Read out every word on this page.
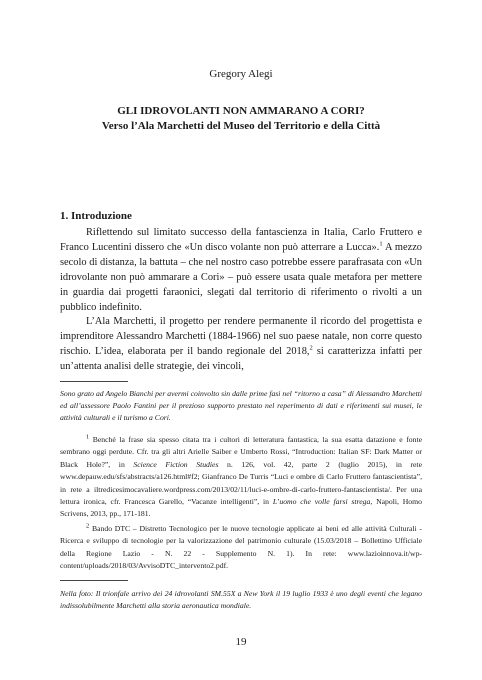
Gregory Alegi
GLI IDROVOLANTI NON AMMARANO A CORI?
Verso l’Ala Marchetti del Museo del Territorio e della Città
1. Introduzione

Riflettendo sul limitato successo della fantascienza in Italia, Carlo Fruttero e Franco Lucentini dissero che «Un disco volante non può atterrare a Lucca».$^1$ A mezzo secolo di distanza, la battuta – che nel nostro caso potrebbe essere parafrasata con «Un idrovolante non può ammarare a Cori» – può essere usata quale metafora per mettere in guardia dai progetti faraonici, slegati dal territorio di riferimento o rivolti a un pubblico indefinito.

L’Ala Marchetti, il progetto per rendere permanente il ricordo del progettista e imprenditore Alessandro Marchetti (1884-1966) nel suo paese natale, non corre questo rischio. L’idea, elaborata per il bando regionale del 2018,$^2$ si caratterizza infatti per un’attenta analisi delle strategie, dei vincoli,

Sono grato ad Angelo Bianchi per avermi coinvolto sin dalle prime fasi nel “ritorno a casa” di Alessandro Marchetti ed all’assessore Paolo Fantini per il prezioso supporto prestato nel reperimento di dati e riferimenti sui musei, le attività culturali e il turismo a Cori.

$^1$ Benché la frase sia spesso citata tra i cultori di letteratura fantastica, la sua esatta datazione e fonte sembrano oggi perdute. Cfr. tra gli altri Arielle Saiber e Umberto Rossi, “Introduction: Italian SF: Dark Matter or Black Hole?”, in Science Fiction Studies n. 126, vol. 42, parte 2 (luglio 2015), in rete www.depauw.edu/sfs/abstracts/a126.html#f2; Gianfranco De Turris “Luci e ombre di Carlo Fruttero fantascientista”, in rete a iltredicesimocavaliere.wordpress.com/2013/02/11/luci-e-ombre-di-carlo-fruttero-fantascientista/. Per una lettura ironica, cfr. Francesca Garello, “Vacanze intelligenti”, in L’uomo che volle farsi strega, Napoli, Homo Scrivens, 2013, pp., 171-181.

$^2$ Bando DTC – Distretto Tecnologico per le nuove tecnologie applicate ai beni ed alle attività Culturali - Ricerca e sviluppo di tecnologie per la valorizzazione del patrimonio culturale (15.03/2018 – Bollettino Ufficiale della Regione Lazio - N. 22 - Supplemento N. 1). In rete: www.lazioinnova.it/wp-content/uploads/2018/03/AvvisoDTC_intervento2.pdf.

Nella foto: Il trionfale arrivo dei 24 idrovolanti SM.55X a New York il 19 luglio 1933 è uno degli eventi che legano indissolubilmente Marchetti alla storia aeronautica mondiale.
19
